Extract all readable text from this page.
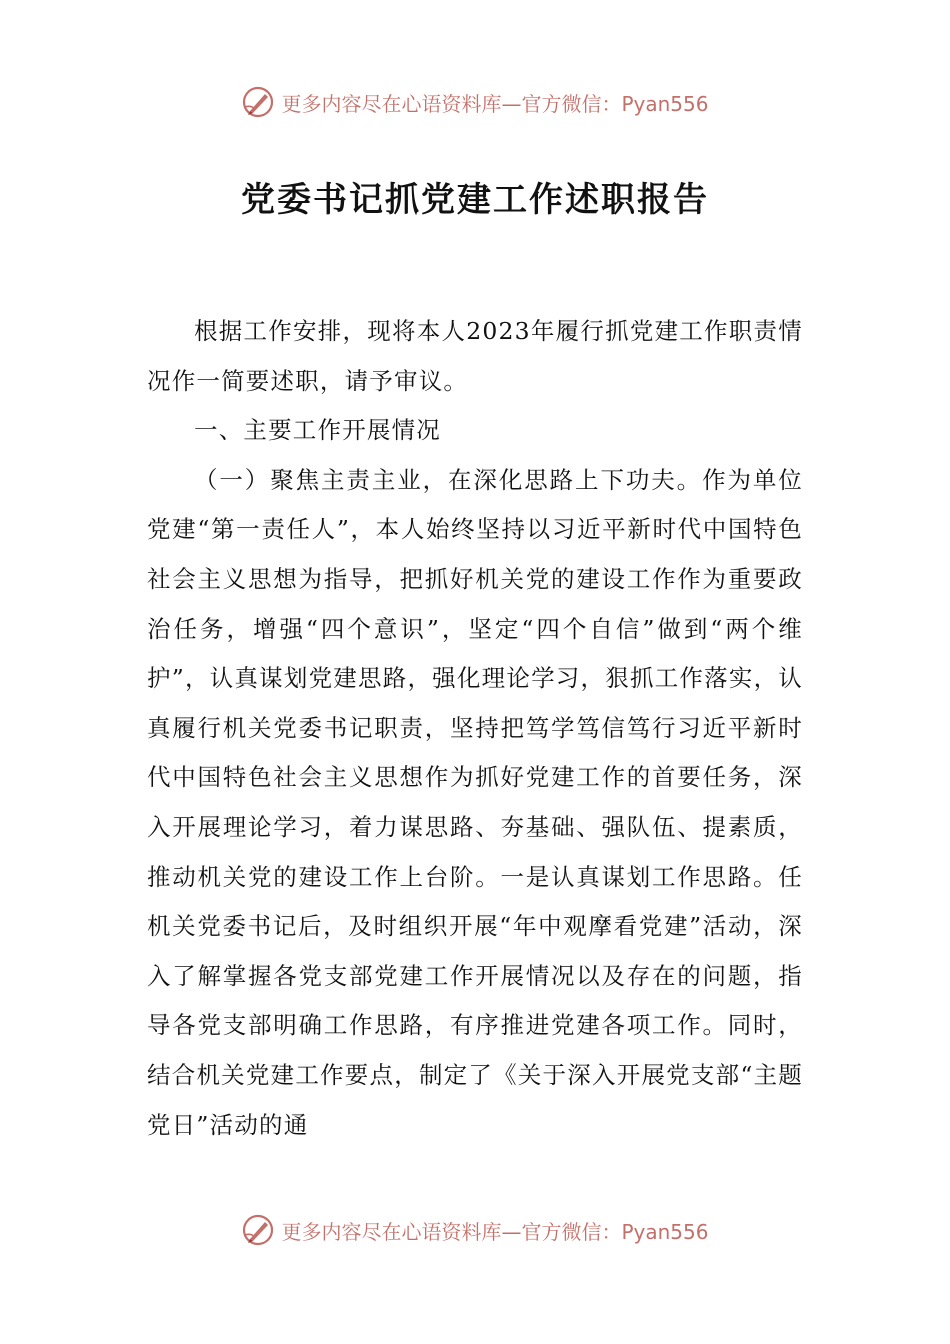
更多内容尽在心语资料库—官方微信：Pyan556
党委书记抓党建工作述职报告

根据工作安排，现将本人2023年履行抓党建工作职责情况作一简要述职，请予审议。

一、主要工作开展情况

（一）聚焦主责主业，在深化思路上下功夫。作为单位党建“第一责任人”，本人始终坚持以习近平新时代中国特色社会主义思想为指导，把抓好机关党的建设工作作为重要政治任务，增强“四个意识”，坚定“四个自信”做到“两个维护”，认真谋划党建思路，强化理论学习，狠抓工作落实，认真履行机关党委书记职责，坚持把笃学笃信笃行习近平新时代中国特色社会主义思想作为抓好党建工作的首要任务，深入开展理论学习，着力谋思路、夯基础、强队伍、提素质，推动机关党的建设工作上台阶。一是认真谋划工作思路。任机关党委书记后，及时组织开展“年中观摩看党建”活动，深入了解掌握各党支部党建工作开展情况以及存在的问题，指导各党支部明确工作思路，有序推进党建各项工作。同时，结合机关党建工作要点，制定了《关于深入开展党支部“主题党日”活动的通

更多内容尽在心语资料库—官方微信：Pyan556
